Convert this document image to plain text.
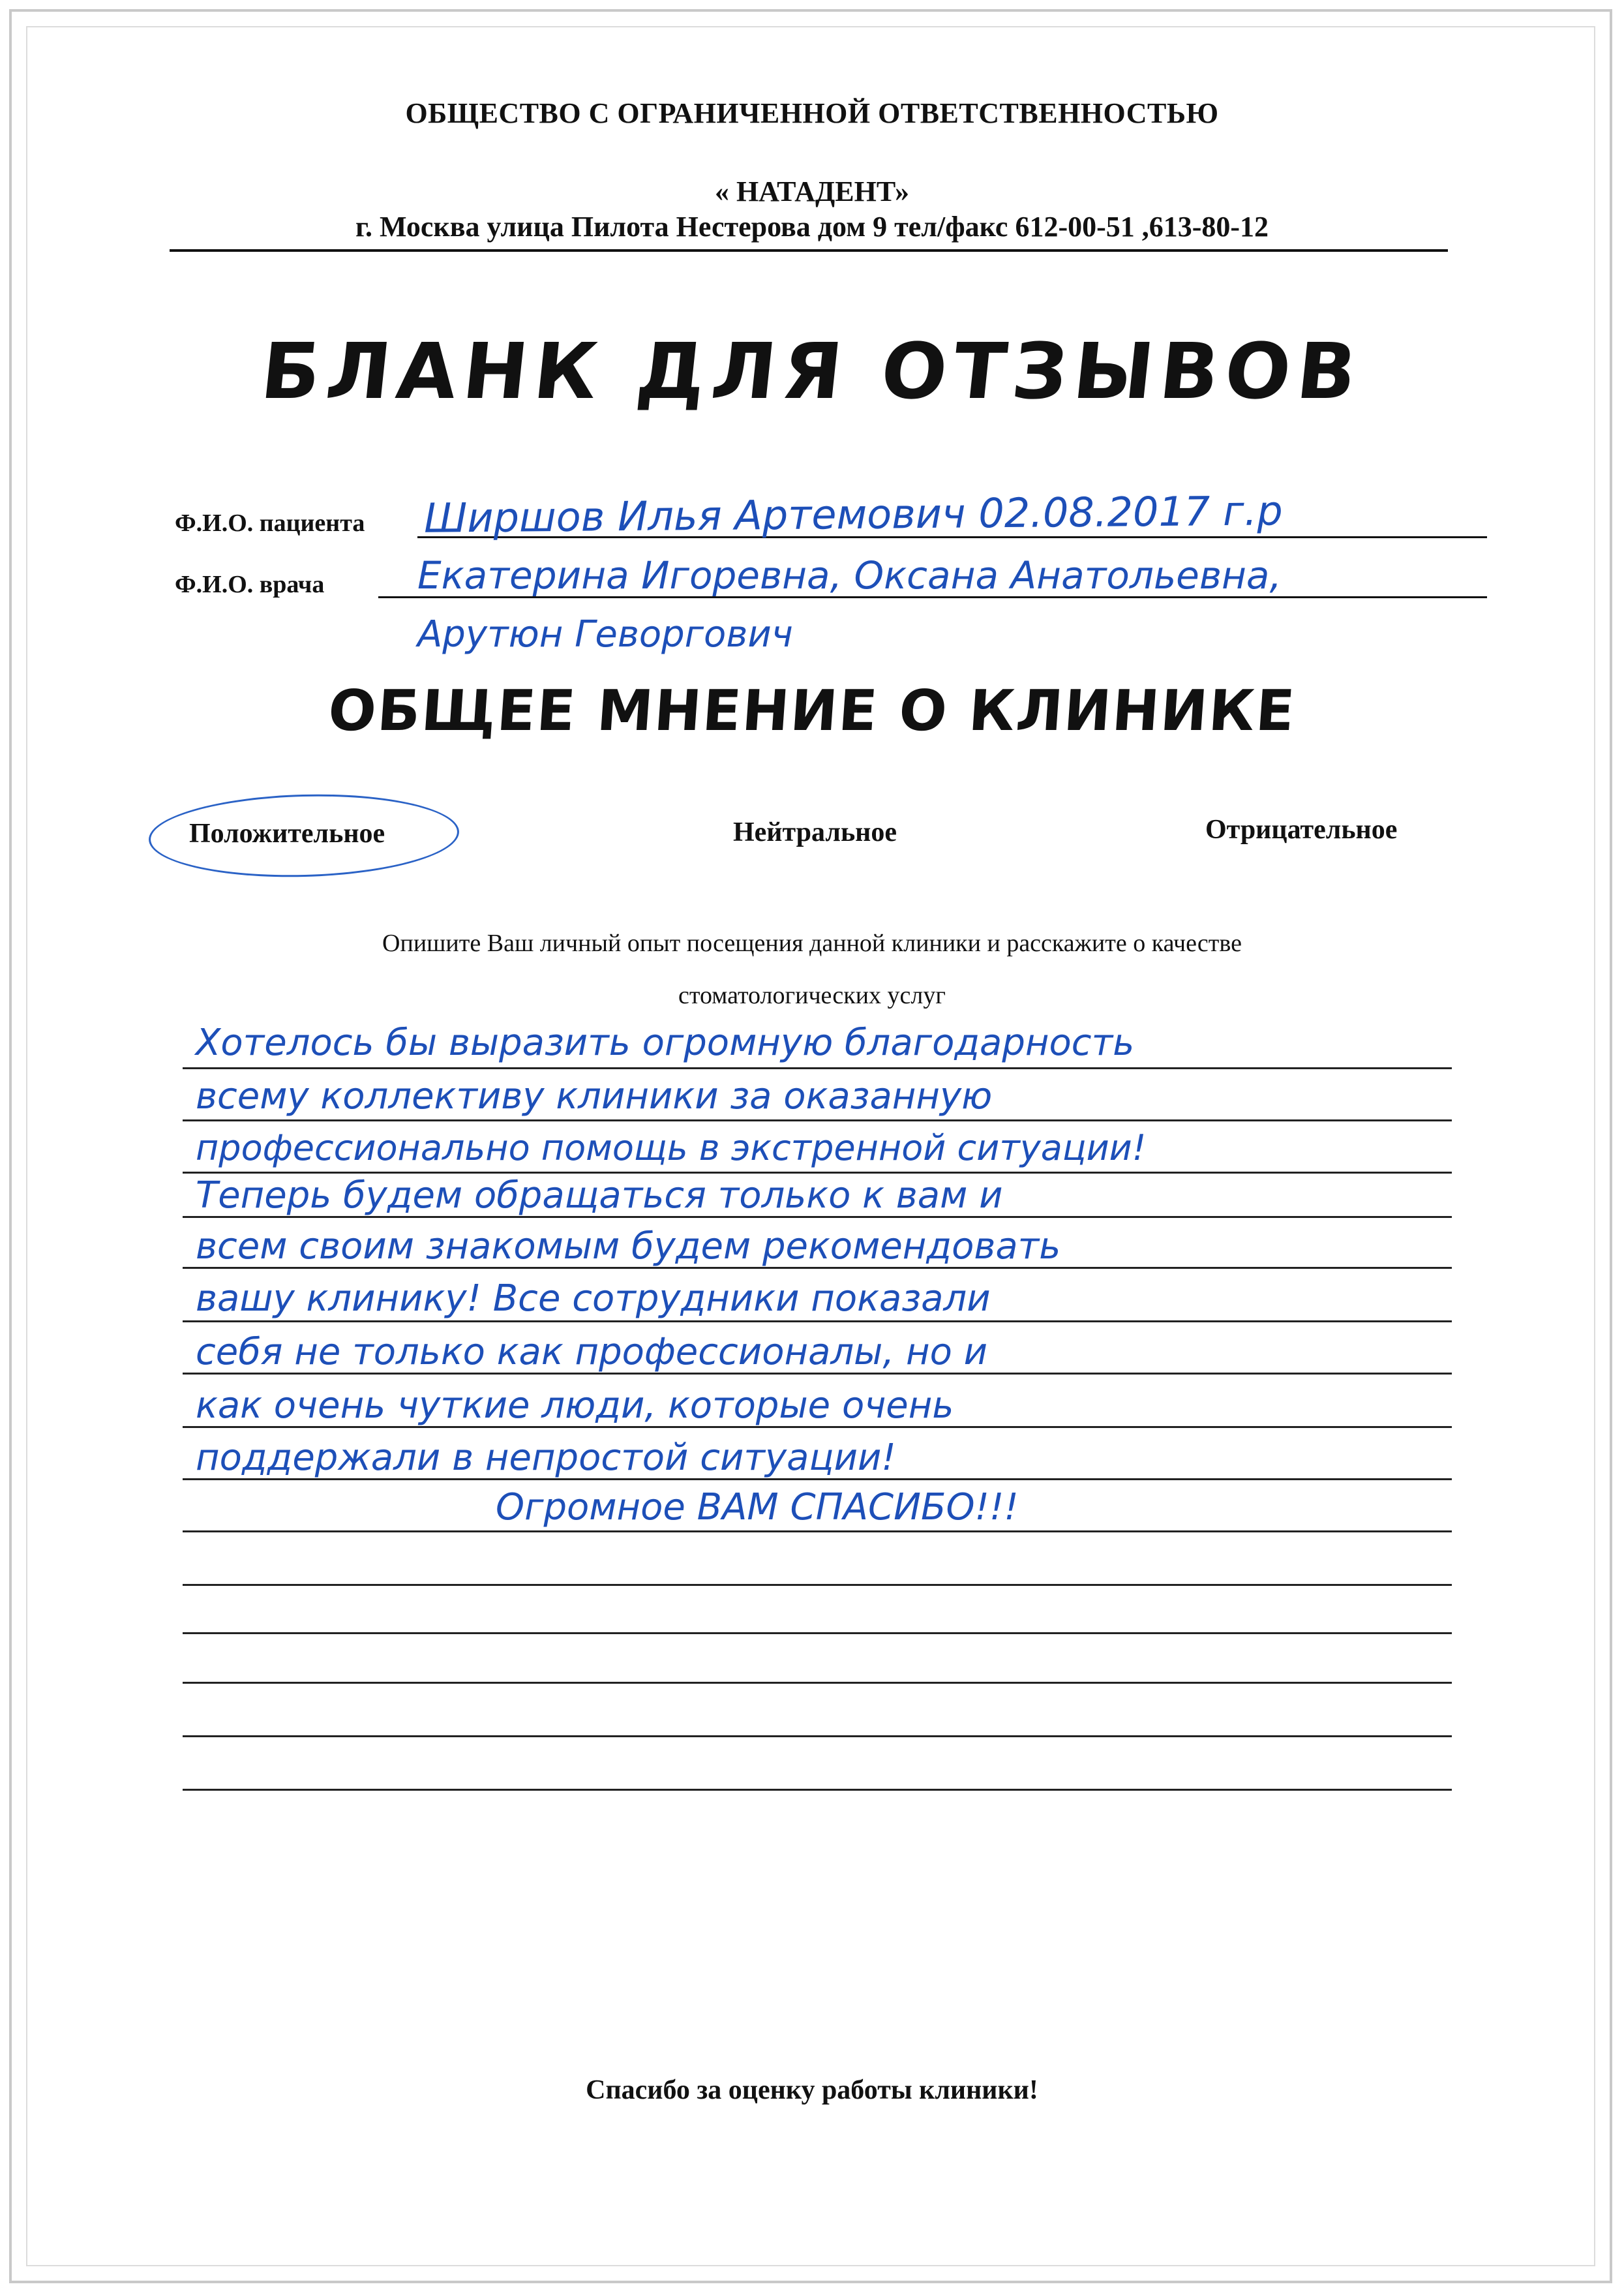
ОБЩЕСТВО С ОГРАНИЧЕННОЙ ОТВЕТСТВЕННОСТЬЮ
« НАТАДЕНТ»
г. Москва улица Пилота Нестерова дом 9 тел/факс 612-00-51 ,613-80-12
БЛАНК ДЛЯ ОТЗЫВОВ
Ф.И.О. пациента Ширшов Илья Артемович 02.08.2017 г.р
Ф.И.О. врача Екатерина Игоревна, Оксана Анатольевна,
Арутюн Геворгович
ОБЩЕЕ МНЕНИЕ О КЛИНИКЕ
Положительное	Нейтральное	Отрицательное
Опишите Ваш личный опыт посещения данной клиники и расскажите о качестве
стоматологических услуг
Хотелось бы выразить огромную благодарность
всему коллективу клиники за оказанную
профессионально помощь в экстренной ситуации!
Теперь будем обращаться только к вам и
всем своим знакомым будем рекомендовать
вашу клинику! Все сотрудники показали
себя не только как профессионалы, но и
как очень чуткие люди, которые очень
поддержали в непростой ситуации!
Огромное ВАМ СПАСИБО!!!
Спасибо за оценку работы клиники!
